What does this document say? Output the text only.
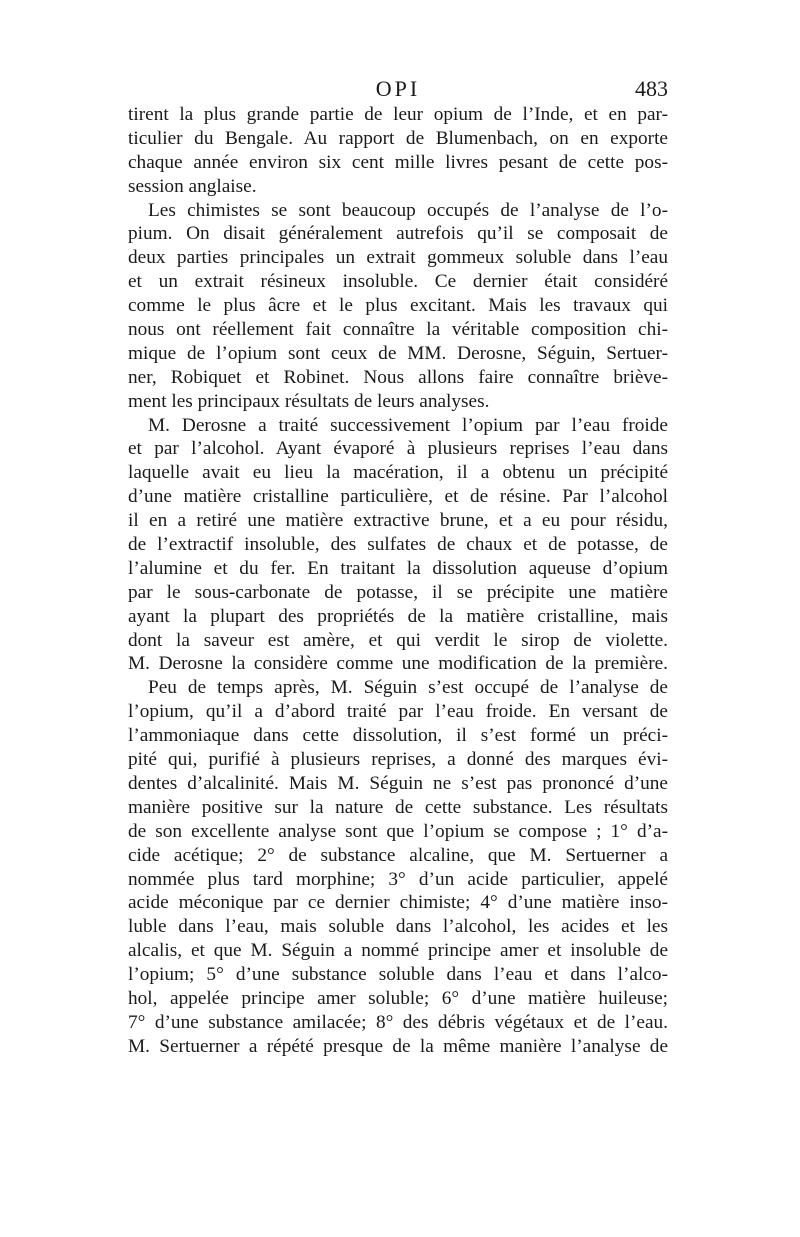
OPI	483
tirent la plus grande partie de leur opium de l’Inde, et en par-
ticulier du Bengale. Au rapport de Blumenbach, on en exporte
chaque année environ six cent mille livres pesant de cette pos-
session anglaise.
Les chimistes se sont beaucoup occupés de l’analyse de l’o-
pium. On disait généralement autrefois qu’il se composait de
deux parties principales un extrait gommeux soluble dans l’eau
et un extrait résineux insoluble. Ce dernier était considéré
comme le plus âcre et le plus excitant. Mais les travaux qui
nous ont réellement fait connaître la véritable composition chi-
mique de l’opium sont ceux de MM. Derosne, Séguin, Sertuer-
ner, Robiquet et Robinet. Nous allons faire connaître briève-
ment les principaux résultats de leurs analyses.
M. Derosne a traité successivement l’opium par l’eau froide
et par l’alcohol. Ayant évaporé à plusieurs reprises l’eau dans
laquelle avait eu lieu la macération, il a obtenu un précipité
d’une matière cristalline particulière, et de résine. Par l’alcohol
il en a retiré une matière extractive brune, et a eu pour résidu,
de l’extractif insoluble, des sulfates de chaux et de potasse, de
l’alumine et du fer. En traitant la dissolution aqueuse d’opium
par le sous-carbonate de potasse, il se précipite une matière
ayant la plupart des propriétés de la matière cristalline, mais
dont la saveur est amère, et qui verdit le sirop de violette.
M. Derosne la considère comme une modification de la première.
Peu de temps après, M. Séguin s’est occupé de l’analyse de
l’opium, qu’il a d’abord traité par l’eau froide. En versant de
l’ammoniaque dans cette dissolution, il s’est formé un préci-
pité qui, purifié à plusieurs reprises, a donné des marques évi-
dentes d’alcalinité. Mais M. Séguin ne s’est pas prononcé d’une
manière positive sur la nature de cette substance. Les résultats
de son excellente analyse sont que l’opium se compose ; 1° d’a-
cide acétique; 2° de substance alcaline, que M. Sertuerner a
nommée plus tard morphine; 3° d’un acide particulier, appelé
acide méconique par ce dernier chimiste; 4° d’une matière inso-
luble dans l’eau, mais soluble dans l’alcohol, les acides et les
alcalis, et que M. Séguin a nommé principe amer et insoluble de
l’opium; 5° d’une substance soluble dans l’eau et dans l’alco-
hol, appelée principe amer soluble; 6° d’une matière huileuse;
7° d’une substance amilacée; 8° des débris végétaux et de l’eau.
M. Sertuerner a répété presque de la même manière l’analyse de
